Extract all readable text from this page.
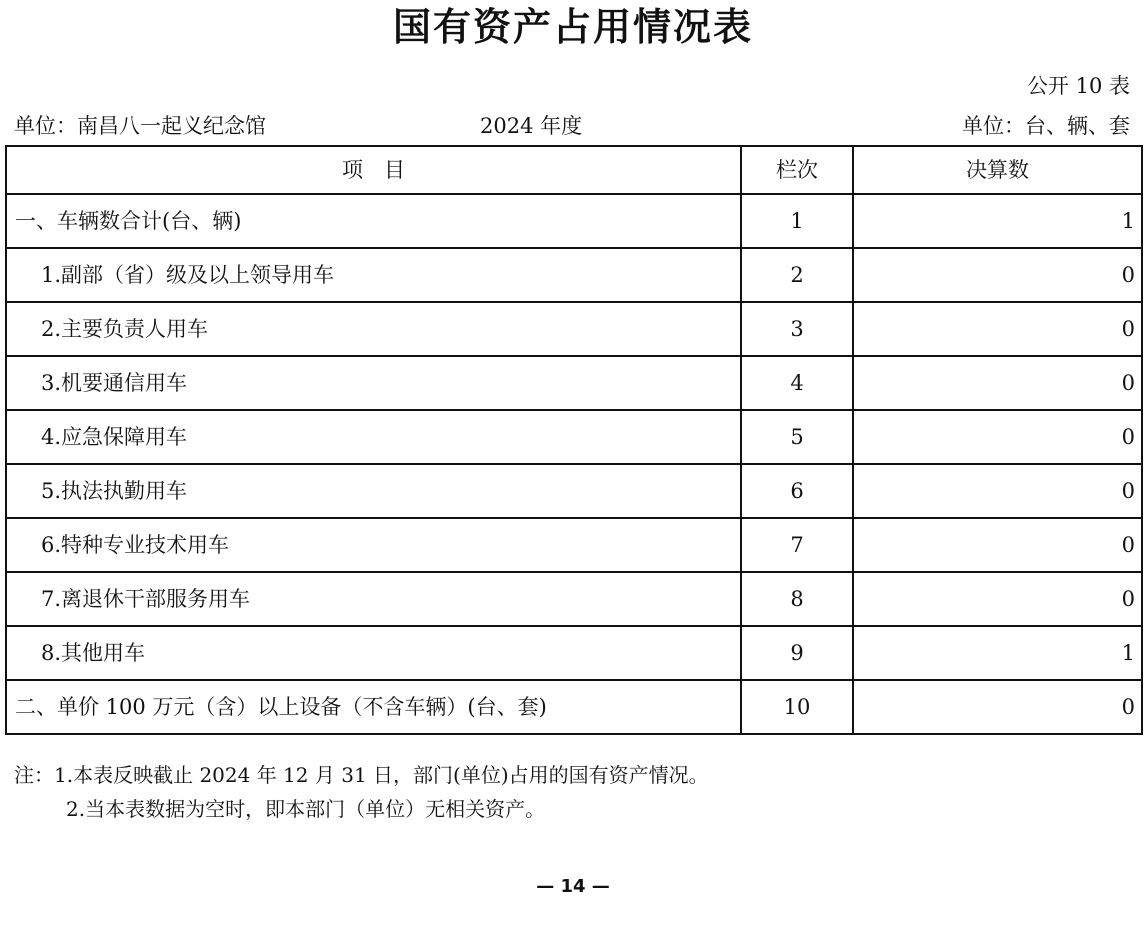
国有资产占用情况表
公开 10 表
单位：南昌八一起义纪念馆	2024 年度	单位：台、辆、套
项　目	栏次	决算数
一、车辆数合计(台、辆)	1	1
1.副部（省）级及以上领导用车	2	0
2.主要负责人用车	3	0
3.机要通信用车	4	0
4.应急保障用车	5	0
5.执法执勤用车	6	0
6.特种专业技术用车	7	0
7.离退休干部服务用车	8	0
8.其他用车	9	1
二、单价 100 万元（含）以上设备（不含车辆）(台、套)	10	0
注：1.本表反映截止 2024 年 12 月 31 日，部门(单位)占用的国有资产情况。
2.当本表数据为空时，即本部门（单位）无相关资产。
— 14 —
